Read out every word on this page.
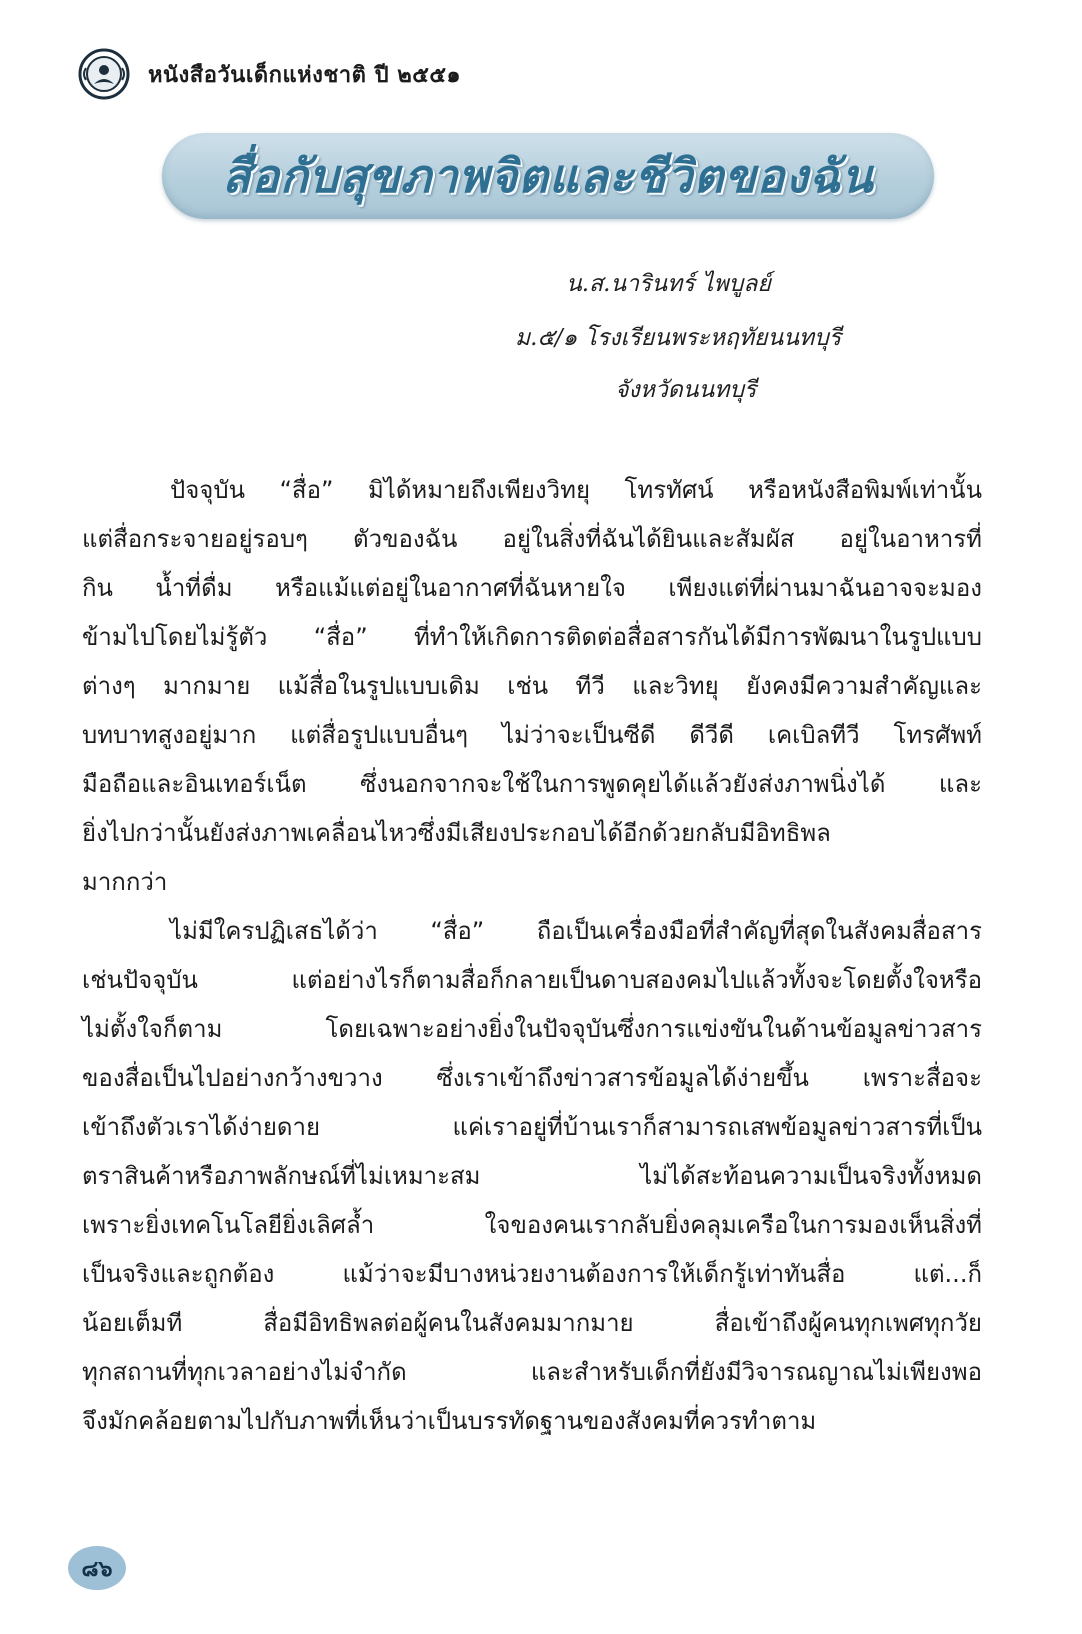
หนังสือวันเด็กแห่งชาติ ปี ๒๕๕๑
สื่อกับสุขภาพจิตและชีวิตของฉัน
น.ส.นารินทร์ ไพบูลย์
ม.๕/๑ โรงเรียนพระหฤทัยนนทบุรี
จังหวัดนนทบุรี
ปัจจุบัน “สื่อ” มิได้หมายถึงเพียงวิทยุ โทรทัศน์ หรือหนังสือพิมพ์เท่านั้น
แต่สื่อกระจายอยู่รอบๆ ตัวของฉัน อยู่ในสิ่งที่ฉันได้ยินและสัมผัส อยู่ในอาหารที่
กิน น้ำที่ดื่ม หรือแม้แต่อยู่ในอากาศที่ฉันหายใจ เพียงแต่ที่ผ่านมาฉันอาจจะมอง
ข้ามไปโดยไม่รู้ตัว “สื่อ” ที่ทำให้เกิดการติดต่อสื่อสารกันได้มีการพัฒนาในรูปแบบ
ต่างๆ มากมาย แม้สื่อในรูปแบบเดิม เช่น ทีวี และวิทยุ ยังคงมีความสำคัญและ
บทบาทสูงอยู่มาก แต่สื่อรูปแบบอื่นๆ ไม่ว่าจะเป็นซีดี ดีวีดี เคเบิลทีวี โทรศัพท์
มือถือและอินเทอร์เน็ต ซึ่งนอกจากจะใช้ในการพูดคุยได้แล้วยังส่งภาพนิ่งได้ และ
ยิ่งไปกว่านั้นยังส่งภาพเคลื่อนไหวซึ่งมีเสียงประกอบได้อีกด้วยกลับมีอิทธิพล
มากกว่า
ไม่มีใครปฏิเสธได้ว่า “สื่อ” ถือเป็นเครื่องมือที่สำคัญที่สุดในสังคมสื่อสาร
เช่นปัจจุบัน	แต่อย่างไรก็ตามสื่อก็กลายเป็นดาบสองคมไปแล้วทั้งจะโดยตั้งใจหรือ
ไม่ตั้งใจก็ตาม	โดยเฉพาะอย่างยิ่งในปัจจุบันซึ่งการแข่งขันในด้านข้อมูลข่าวสาร
ของสื่อเป็นไปอย่างกว้างขวาง ซึ่งเราเข้าถึงข่าวสารข้อมูลได้ง่ายขึ้น เพราะสื่อจะ
เข้าถึงตัวเราได้ง่ายดาย	แค่เราอยู่ที่บ้านเราก็สามารถเสพข้อมูลข่าวสารที่เป็น
ตราสินค้าหรือภาพลักษณ์ที่ไม่เหมาะสม	ไม่ได้สะท้อนความเป็นจริงทั้งหมด
เพราะยิ่งเทคโนโลยียิ่งเลิศล้ำ	ใจของคนเรากลับยิ่งคลุมเครือในการมองเห็นสิ่งที่
เป็นจริงและถูกต้อง	แม้ว่าจะมีบางหน่วยงานต้องการให้เด็กรู้เท่าทันสื่อ	แต่...ก็
น้อยเต็มที	สื่อมีอิทธิพลต่อผู้คนในสังคมมากมาย	สื่อเข้าถึงผู้คนทุกเพศทุกวัย
ทุกสถานที่ทุกเวลาอย่างไม่จำกัด	และสำหรับเด็กที่ยังมีวิจารณญาณไม่เพียงพอ
จึงมักคล้อยตามไปกับภาพที่เห็นว่าเป็นบรรทัดฐานของสังคมที่ควรทำตาม
๘๖
